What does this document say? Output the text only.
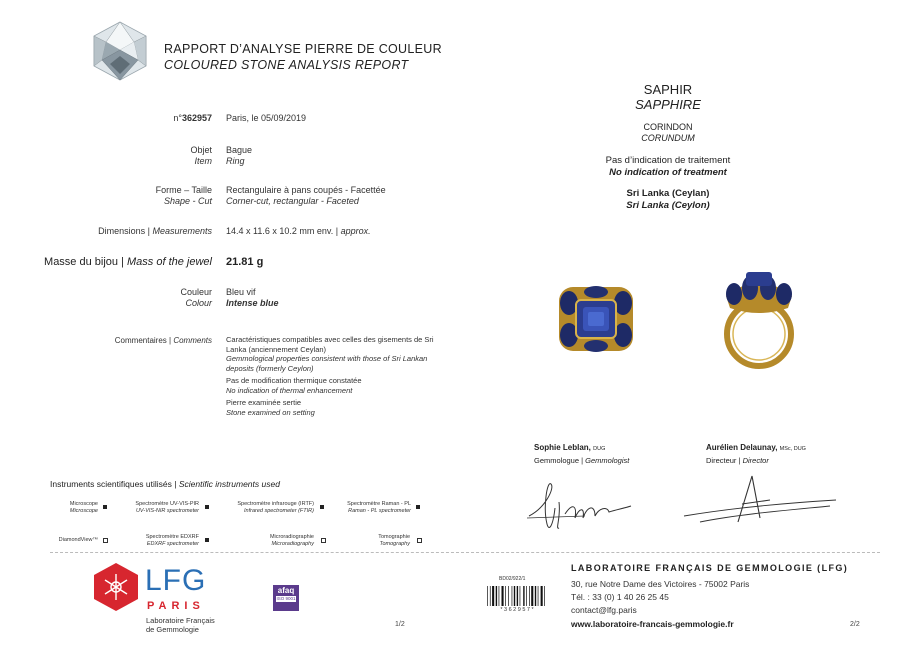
RAPPORT D’ANALYSE PIERRE DE COULEUR
COLOURED STONE ANALYSIS REPORT
n°362957 Paris, le 05/09/2019
Objet
Item
Bague
Ring
Forme – Taille
Shape - Cut
Rectangulaire à pans coupés - Facettée
Corner-cut, rectangular - Faceted
Dimensions | Measurements 14.4 x 11.6 x 10.2 mm env. | approx.
Masse du bijou | Mass of the jewel 21.81 g
Couleur
Colour
Bleu vif
Intense blue
Commentaires | Comments Caractéristiques compatibles avec celles des gisements de Sri Lanka (anciennement Ceylan)
Gemmological properties consistent with those of Sri Lankan deposits (formerly Ceylon)
Pas de modification thermique constatée
No indication of thermal enhancement
Pierre examinée sertie
Stone examined on setting
SAPHIR
SAPPHIRE
CORINDON
CORUNDUM
Pas d’indication de traitement
No indication of treatment
Sri Lanka (Ceylan)
Sri Lanka (Ceylon)
Sophie Leblan, DUG
Gemmologue | Gemmologist
Aurélien Delaunay, MSc, DUG
Directeur | Director
Instruments scientifiques utilisés | Scientific instruments used
Microscope
Microscope
Spectromètre UV-VIS-PIR
UV-VIS-NIR spectrometer
Spectromètre infrarouge (IRTF)
Infrared spectrometer (FTIR)
Spectromètre Raman - PL
Raman - PL spectrometer
DiamondView™	Spectromètre EDXRF
EDXRF spectrometer
Microradiographie
Microradiography
Tomographie
Tomography
LFG
PARIS
Laboratoire Français
de Gemmologie
afaq
ISO 9001
1/2
BD02/922/1
* 3 6 2 9 5 7 *
LABORATOIRE FRANÇAIS DE GEMMOLOGIE (LFG)
30, rue Notre Dame des Victoires - 75002 Paris
Tél. : 33 (0) 1 40 26 25 45
contact@lfg.paris
www.laboratoire-francais-gemmologie.fr	2/2
